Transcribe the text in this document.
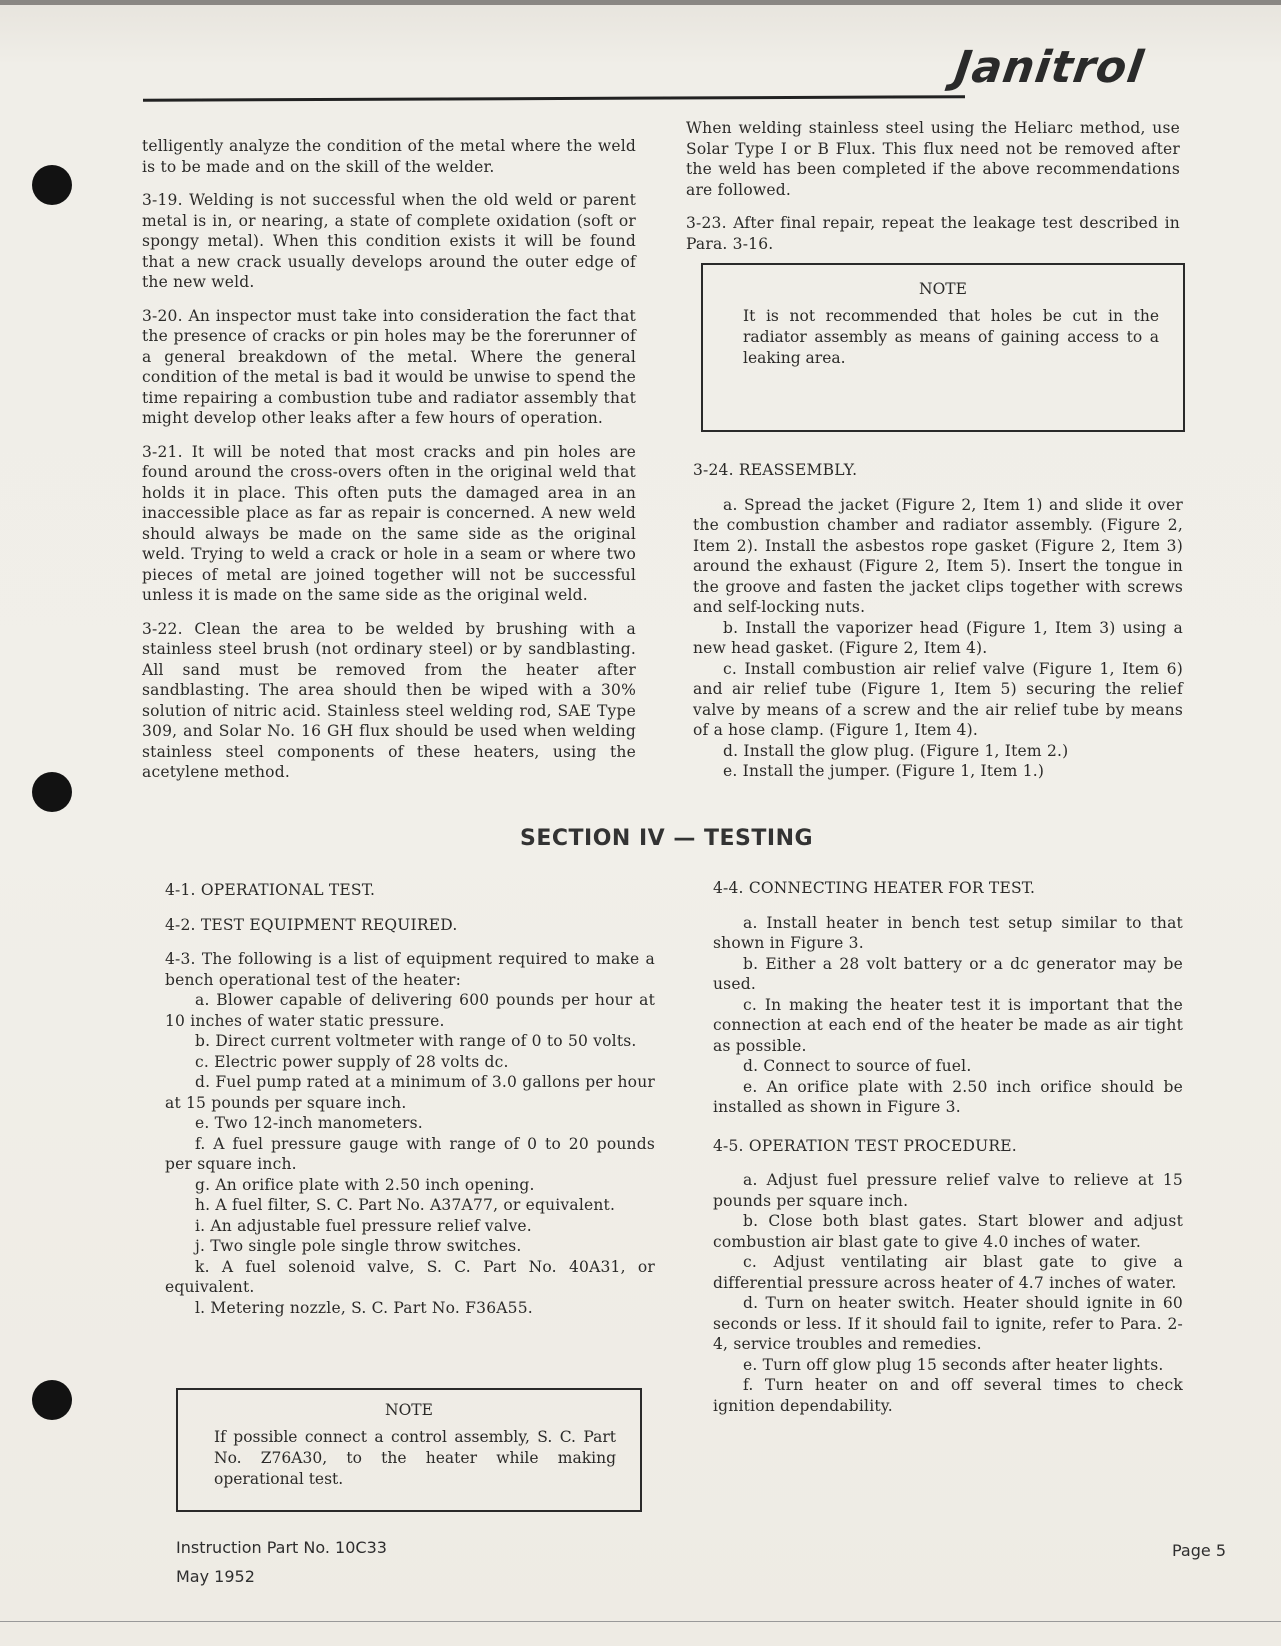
Janitrol

telligently analyze the condition of the metal where the weld is to be made and on the skill of the welder.

3-19. Welding is not successful when the old weld or parent metal is in, or nearing, a state of complete oxidation (soft or spongy metal). When this condition exists it will be found that a new crack usually develops around the outer edge of the new weld.

3-20. An inspector must take into consideration the fact that the presence of cracks or pin holes may be the forerunner of a general breakdown of the metal. Where the general condition of the metal is bad it would be unwise to spend the time repairing a combustion tube and radiator assembly that might develop other leaks after a few hours of operation.

3-21. It will be noted that most cracks and pin holes are found around the cross-overs often in the original weld that holds it in place. This often puts the damaged area in an inaccessible place as far as repair is concerned. A new weld should always be made on the same side as the original weld. Trying to weld a crack or hole in a seam or where two pieces of metal are joined together will not be successful unless it is made on the same side as the original weld.

3-22. Clean the area to be welded by brushing with a stainless steel brush (not ordinary steel) or by sandblasting. All sand must be removed from the heater after sandblasting. The area should then be wiped with a 30% solution of nitric acid. Stainless steel welding rod, SAE Type 309, and Solar No. 16 GH flux should be used when welding stainless steel components of these heaters, using the acetylene method.

When welding stainless steel using the Heliarc method, use Solar Type I or B Flux. This flux need not be removed after the weld has been completed if the above recommendations are followed.

3-23. After final repair, repeat the leakage test described in Para. 3-16.

NOTE
It is not recommended that holes be cut in the radiator assembly as means of gaining access to a leaking area.

3-24. REASSEMBLY.

a. Spread the jacket (Figure 2, Item 1) and slide it over the combustion chamber and radiator assembly. (Figure 2, Item 2). Install the asbestos rope gasket (Figure 2, Item 3) around the exhaust (Figure 2, Item 5). Insert the tongue in the groove and fasten the jacket clips together with screws and self-locking nuts.

b. Install the vaporizer head (Figure 1, Item 3) using a new head gasket. (Figure 2, Item 4).

c. Install combustion air relief valve (Figure 1, Item 6) and air relief tube (Figure 1, Item 5) securing the relief valve by means of a screw and the air relief tube by means of a hose clamp. (Figure 1, Item 4).

d. Install the glow plug. (Figure 1, Item 2.)

e. Install the jumper. (Figure 1, Item 1.)

SECTION IV — TESTING

4-1. OPERATIONAL TEST.

4-2. TEST EQUIPMENT REQUIRED.

4-3. The following is a list of equipment required to make a bench operational test of the heater:

a. Blower capable of delivering 600 pounds per hour at 10 inches of water static pressure.

b. Direct current voltmeter with range of 0 to 50 volts.

c. Electric power supply of 28 volts dc.

d. Fuel pump rated at a minimum of 3.0 gallons per hour at 15 pounds per square inch.

e. Two 12-inch manometers.

f. A fuel pressure gauge with range of 0 to 20 pounds per square inch.

g. An orifice plate with 2.50 inch opening.

h. A fuel filter, S. C. Part No. A37A77, or equivalent.

i. An adjustable fuel pressure relief valve.

j. Two single pole single throw switches.

k. A fuel solenoid valve, S. C. Part No. 40A31, or equivalent.

l. Metering nozzle, S. C. Part No. F36A55.

NOTE
If possible connect a control assembly, S. C. Part No. Z76A30, to the heater while making operational test.

4-4. CONNECTING HEATER FOR TEST.

a. Install heater in bench test setup similar to that shown in Figure 3.

b. Either a 28 volt battery or a dc generator may be used.

c. In making the heater test it is important that the connection at each end of the heater be made as air tight as possible.

d. Connect to source of fuel.

e. An orifice plate with 2.50 inch orifice should be installed as shown in Figure 3.

4-5. OPERATION TEST PROCEDURE.

a. Adjust fuel pressure relief valve to relieve at 15 pounds per square inch.

b. Close both blast gates. Start blower and adjust combustion air blast gate to give 4.0 inches of water.

c. Adjust ventilating air blast gate to give a differential pressure across heater of 4.7 inches of water.

d. Turn on heater switch. Heater should ignite in 60 seconds or less. If it should fail to ignite, refer to Para. 2-4, service troubles and remedies.

e. Turn off glow plug 15 seconds after heater lights.

f. Turn heater on and off several times to check ignition dependability.

Instruction Part No. 10C33
May 1952
Page 5
